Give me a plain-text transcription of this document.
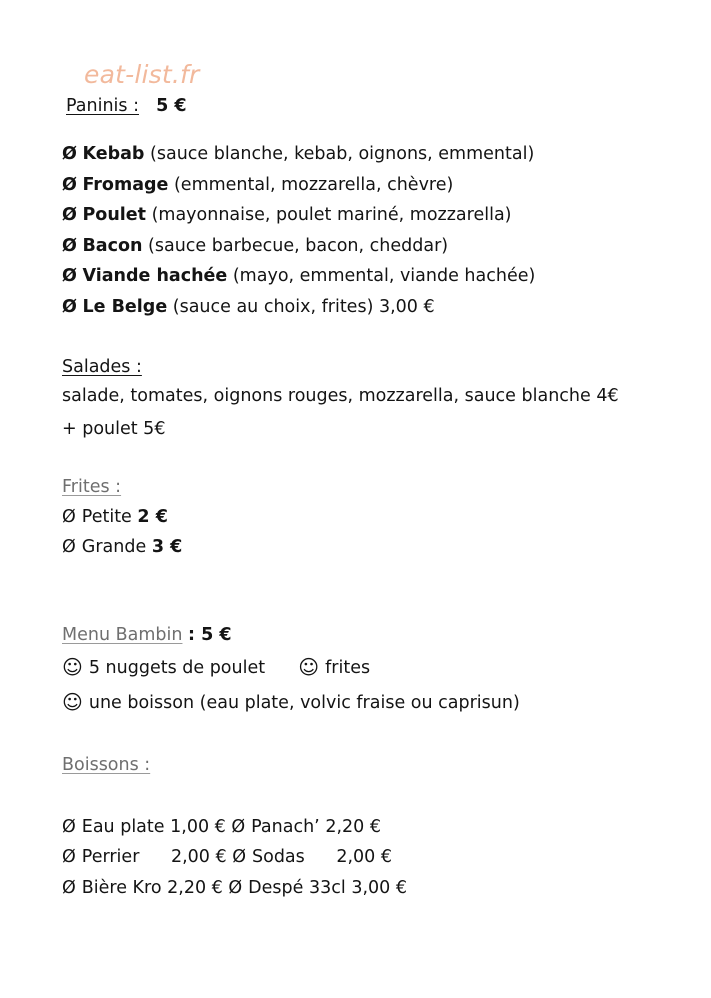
eat-list.fr
Paninis : 5 €
Ø Kebab (sauce blanche, kebab, oignons, emmental)
Ø Fromage (emmental, mozzarella, chèvre)
Ø Poulet (mayonnaise, poulet mariné, mozzarella)
Ø Bacon (sauce barbecue, bacon, cheddar)
Ø Viande hachée (mayo, emmental, viande hachée)
Ø Le Belge (sauce au choix, frites) 3,00 €
Salades :
salade, tomates, oignons rouges, mozzarella, sauce blanche 4€
+ poulet 5€
Frites :
Ø Petite 2 €
Ø Grande 3 €
Menu Bambin : 5 €
☺ 5 nuggets de poulet ☺ frites
☺ une boisson (eau plate, volvic fraise ou caprisun)
Boissons :
Ø Eau plate 1,00 € Ø Panach’ 2,20 €
Ø Perrier 2,00 € Ø Sodas 2,00 €
Ø Bière Kro 2,20 € Ø Despé 33cl 3,00 €
